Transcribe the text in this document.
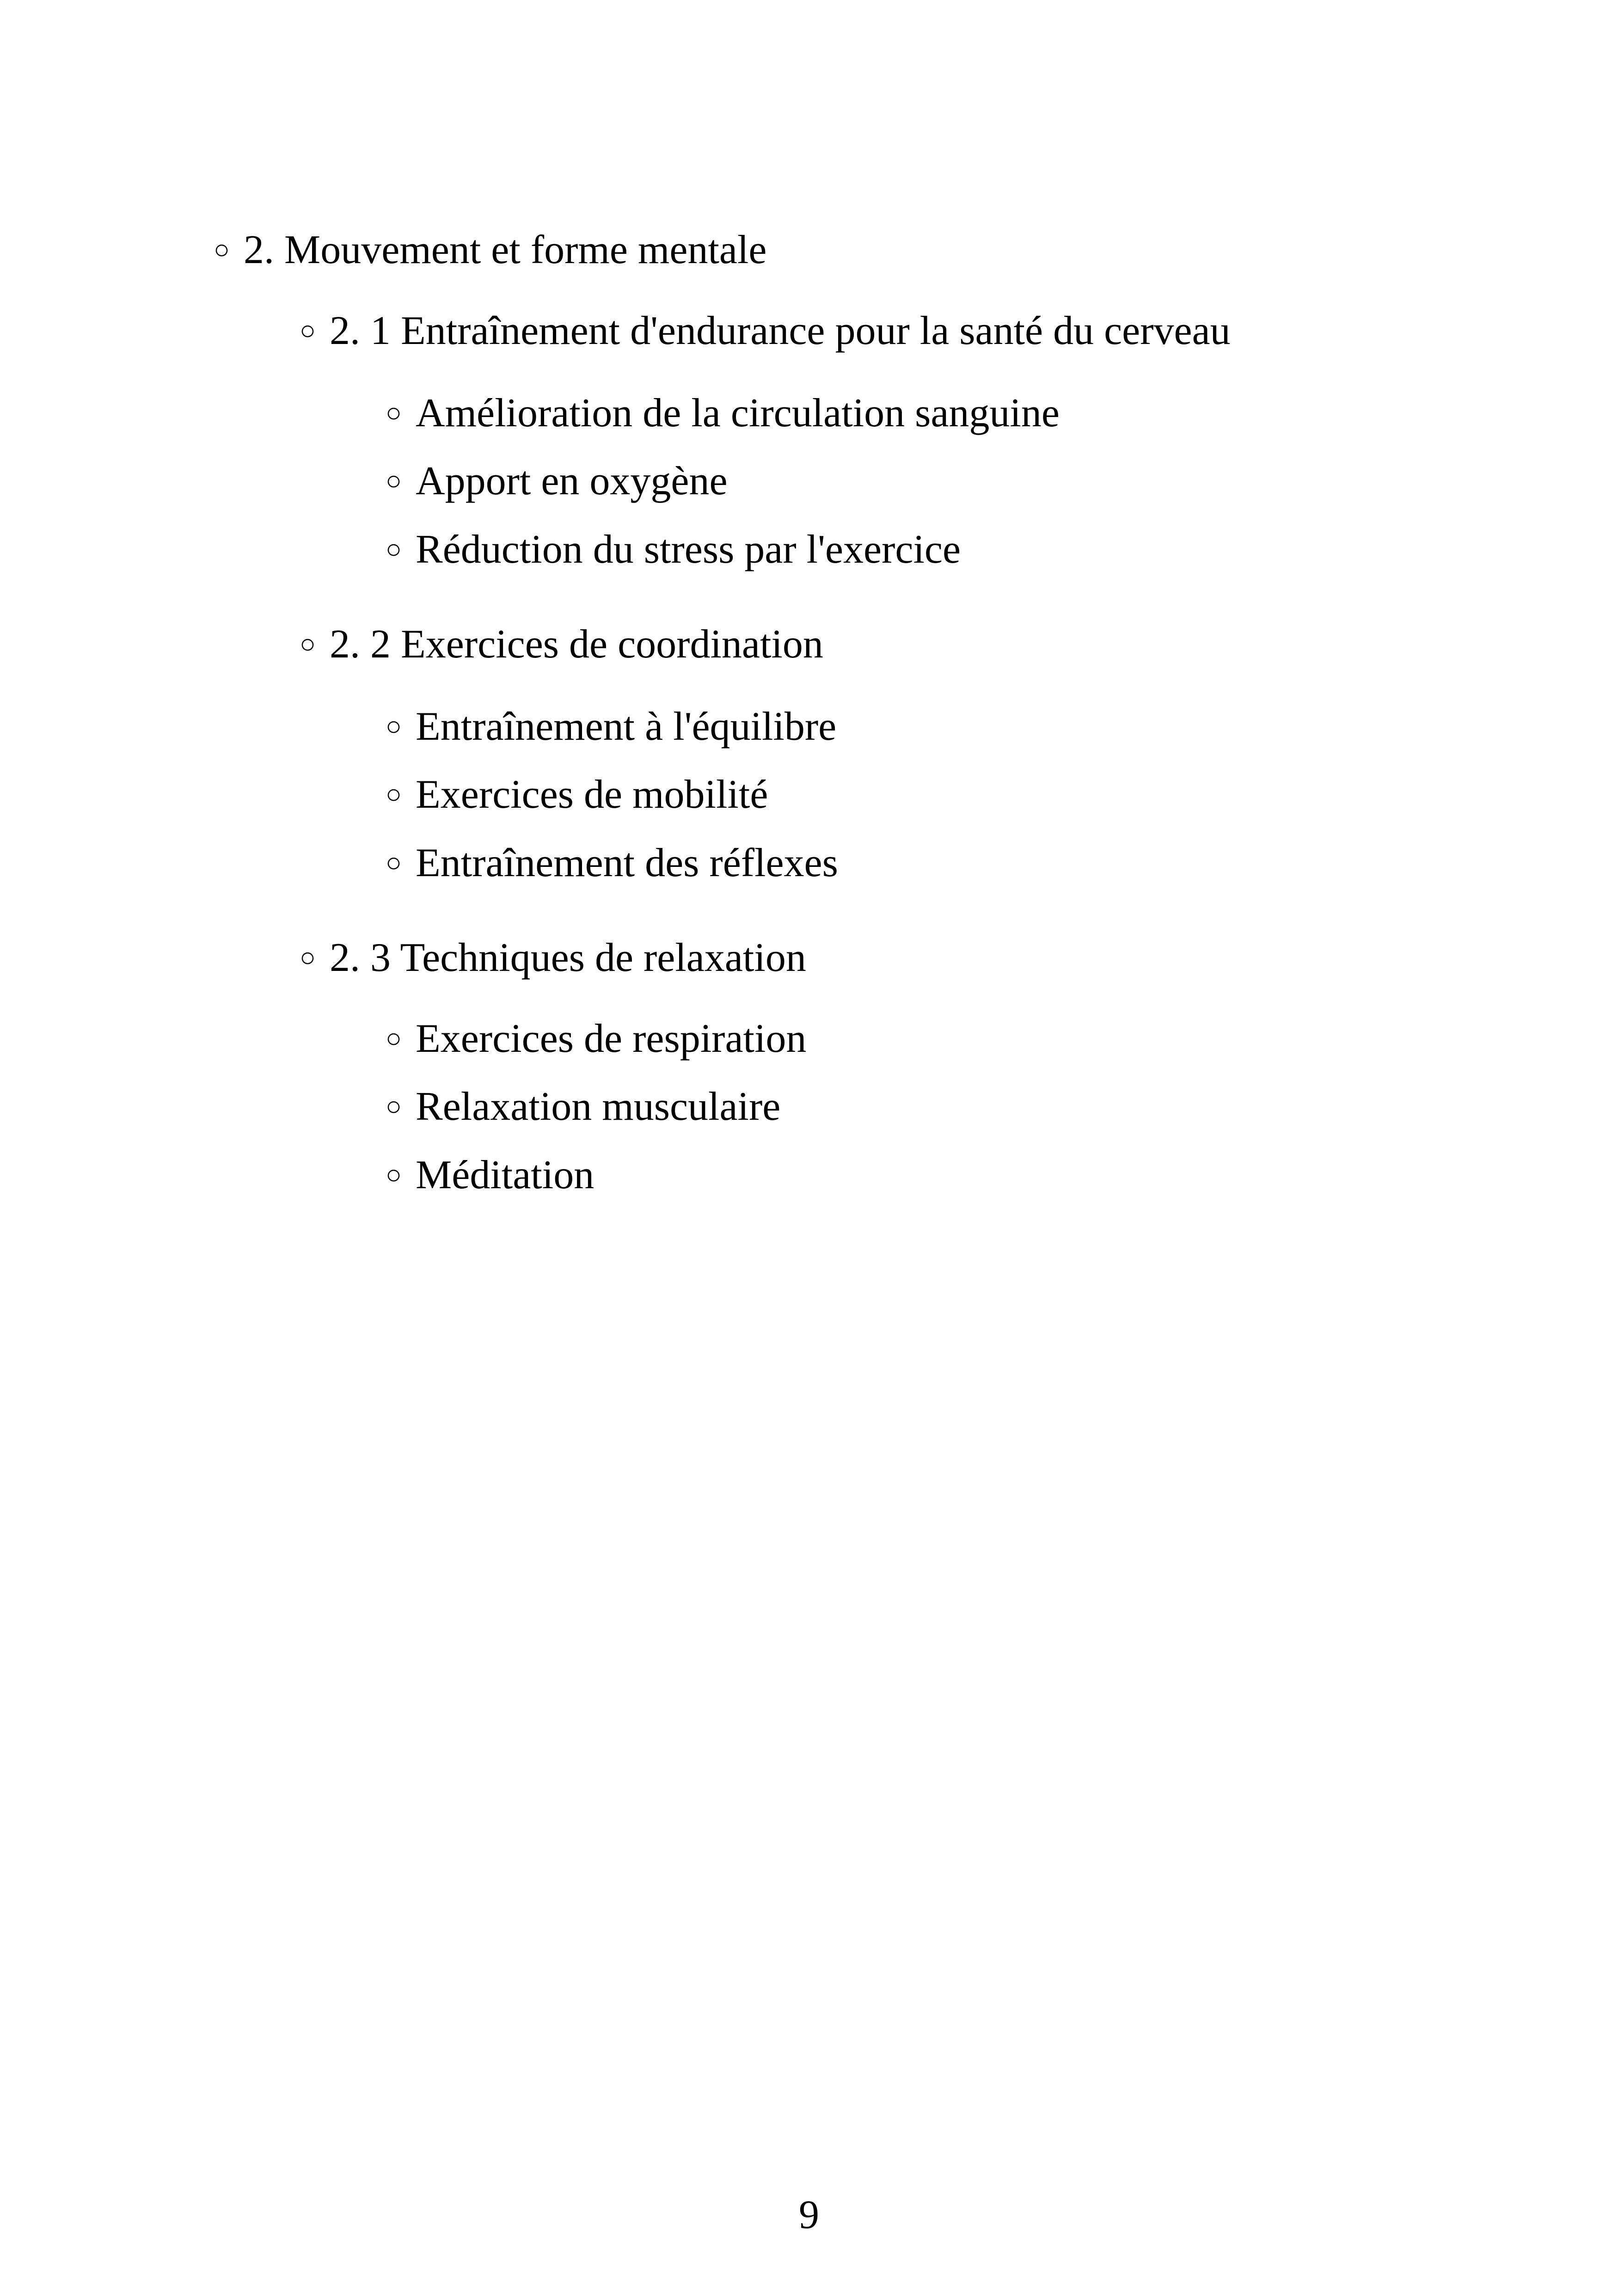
○ 2. Mouvement et forme mentale
○ 2. 1 Entraînement d'endurance pour la santé du cerveau
○ Amélioration de la circulation sanguine
○ Apport en oxygène
○ Réduction du stress par l'exercice
○ 2. 2 Exercices de coordination
○ Entraînement à l'équilibre
○ Exercices de mobilité
○ Entraînement des réflexes
○ 2. 3 Techniques de relaxation
○ Exercices de respiration
○ Relaxation musculaire
○ Méditation
9
